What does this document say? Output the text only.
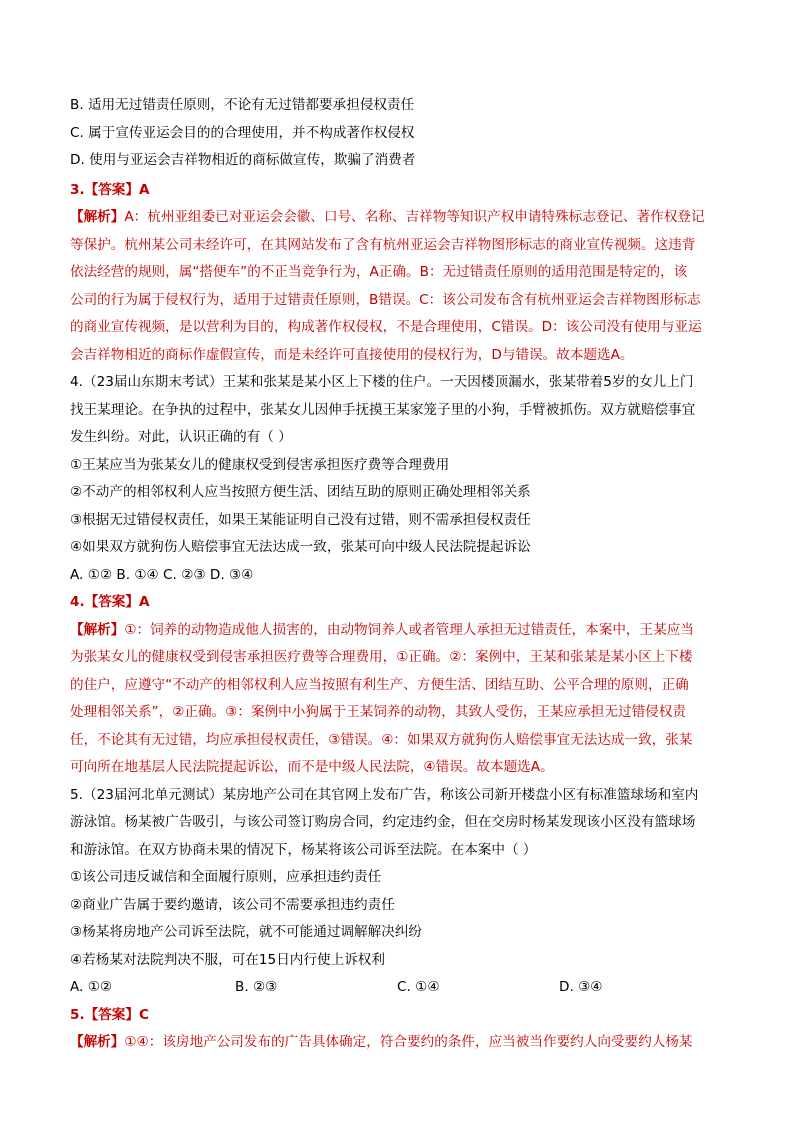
B. 适用无过错责任原则，不论有无过错都要承担侵权责任
C. 属于宣传亚运会目的的合理使用，并不构成著作权侵权
D. 使用与亚运会吉祥物相近的商标做宣传，欺骗了消费者
3.【答案】A
【解析】A：杭州亚组委已对亚运会会徽、口号、名称、吉祥物等知识产权申请特殊标志登记、著作权登记
等保护。杭州某公司未经许可，在其网站发布了含有杭州亚运会吉祥物图形标志的商业宣传视频。这违背
依法经营的规则，属“搭便车”的不正当竞争行为，A正确。B：无过错责任原则的适用范围是特定的，该
公司的行为属于侵权行为，适用于过错责任原则，B错误。C：该公司发布含有杭州亚运会吉祥物图形标志
的商业宣传视频，是以营利为目的，构成著作权侵权，不是合理使用，C错误。D：该公司没有使用与亚运
会吉祥物相近的商标作虚假宣传，而是未经许可直接使用的侵权行为，D与错误。故本题选A。
4.（23届山东期末考试）王某和张某是某小区上下楼的住户。一天因楼顶漏水，张某带着5岁的女儿上门
找王某理论。在争执的过程中，张某女儿因伸手抚摸王某家笼子里的小狗，手臂被抓伤。双方就赔偿事宜
发生纠纷。对此，认识正确的有（ ）
①王某应当为张某女儿的健康权受到侵害承担医疗费等合理费用
②不动产的相邻权利人应当按照方便生活、团结互助的原则正确处理相邻关系
③根据无过错侵权责任，如果王某能证明自己没有过错，则不需承担侵权责任
④如果双方就狗伤人赔偿事宜无法达成一致，张某可向中级人民法院提起诉讼
A. ①② B. ①④ C. ②③ D. ③④
4.【答案】A
【解析】①：饲养的动物造成他人损害的，由动物饲养人或者管理人承担无过错责任，本案中，王某应当
为张某女儿的健康权受到侵害承担医疗费等合理费用，①正确。②：案例中，王某和张某是某小区上下楼
的住户，应遵守“不动产的相邻权利人应当按照有利生产、方便生活、团结互助、公平合理的原则，正确
处理相邻关系”，②正确。③：案例中小狗属于王某饲养的动物，其致人受伤，王某应承担无过错侵权责
任，不论其有无过错，均应承担侵权责任，③错误。④：如果双方就狗伤人赔偿事宜无法达成一致，张某
可向所在地基层人民法院提起诉讼，而不是中级人民法院，④错误。故本题选A。
5.（23届河北单元测试）某房地产公司在其官网上发布广告，称该公司新开楼盘小区有标准篮球场和室内
游泳馆。杨某被广告吸引，与该公司签订购房合同，约定违约金，但在交房时杨某发现该小区没有篮球场
和游泳馆。在双方协商未果的情况下，杨某将该公司诉至法院。在本案中（ ）
①该公司违反诚信和全面履行原则，应承担违约责任
②商业广告属于要约邀请，该公司不需要承担违约责任
③杨某将房地产公司诉至法院，就不可能通过调解解决纠纷
④若杨某对法院判决不服，可在15日内行使上诉权利
A. ①②	B. ②③	C. ①④	D. ③④
5.【答案】C
【解析】①④：该房地产公司发布的广告具体确定，符合要约的条件，应当被当作要约人向受要约人杨某
